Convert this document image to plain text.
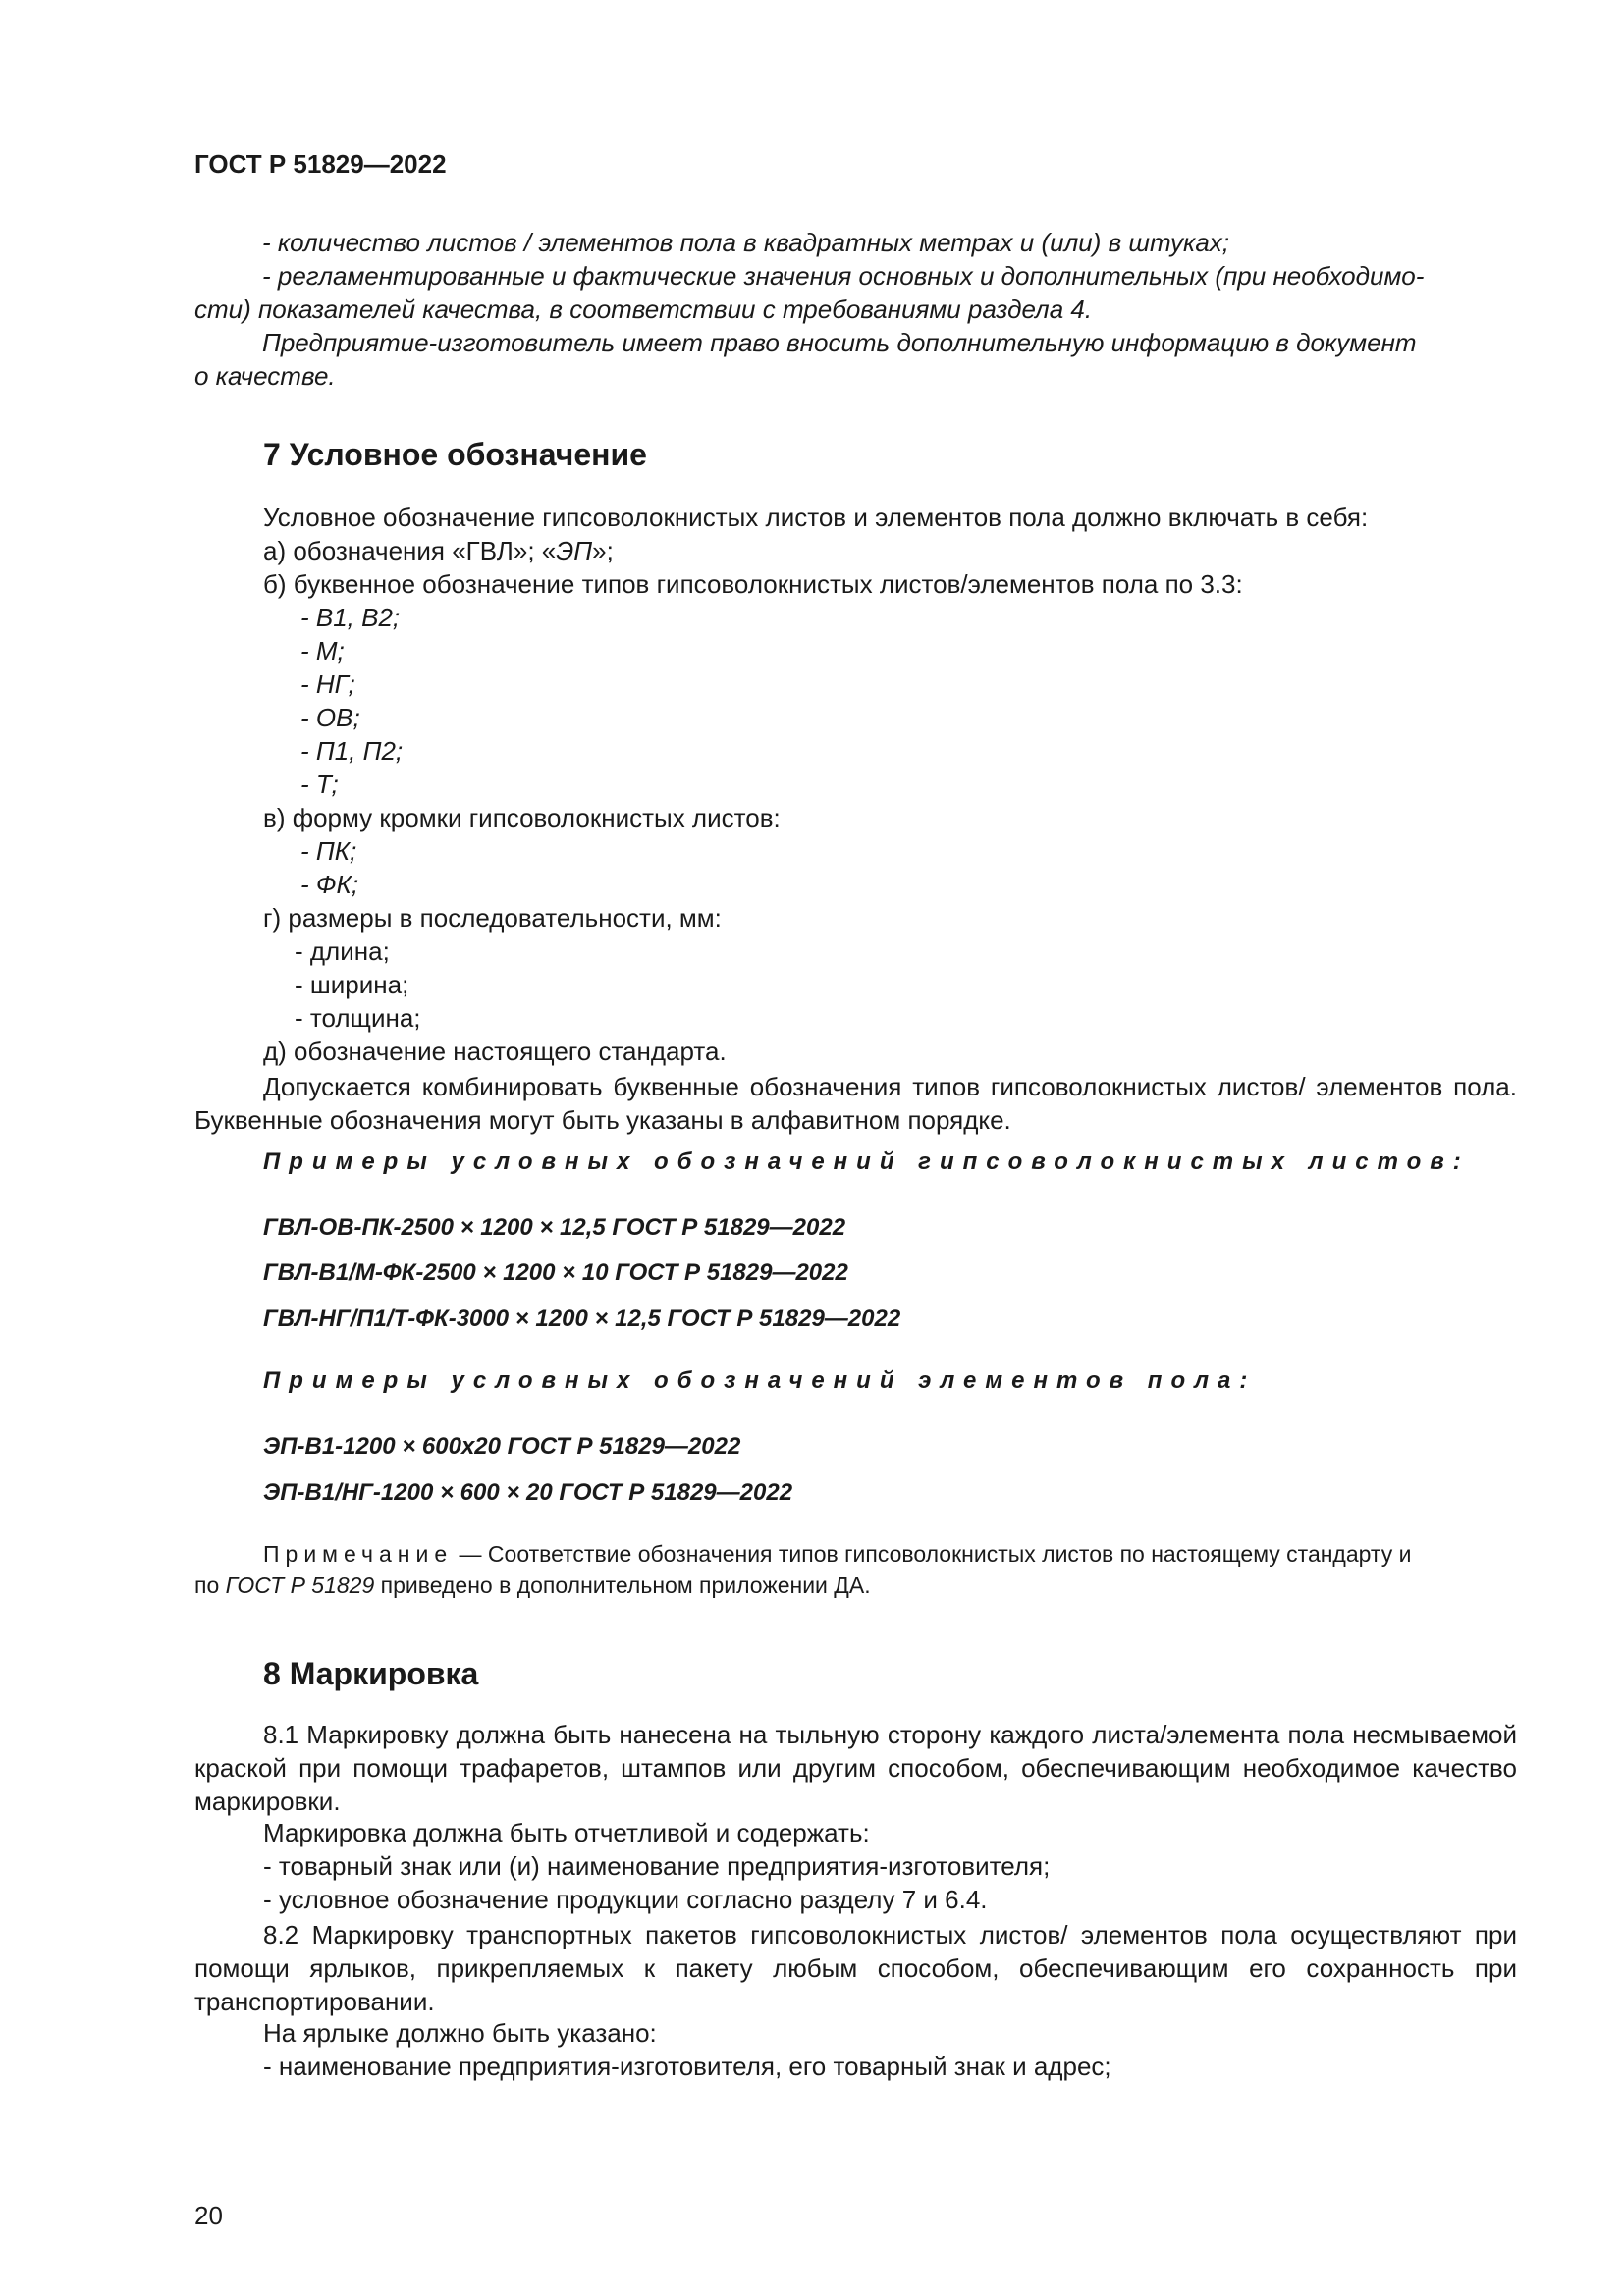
ГОСТ Р 51829—2022
- количество листов / элементов пола в квадратных метрах и (или) в штуках;
- регламентированные и фактические значения основных и дополнительных (при необходимо-
сти) показателей качества, в соответствии с требованиями раздела 4.
Предприятие-изготовитель имеет право вносить дополнительную информацию в документ
о качестве.
7 Условное обозначение
Условное обозначение гипсоволокнистых листов и элементов пола должно включать в себя:
а) обозначения «ГВЛ»; «ЭП»;
б) буквенное обозначение типов гипсоволокнистых листов/элементов пола по 3.3:
- В1, В2;
- М;
- НГ;
- ОВ;
- П1, П2;
- Т;
в) форму кромки гипсоволокнистых листов:
- ПК;
- ФК;
г) размеры в последовательности, мм:
- длина;
- ширина;
- толщина;
д) обозначение настоящего стандарта.
Допускается комбинировать буквенные обозначения типов гипсоволокнистых листов/ элементов пола. Буквенные обозначения могут быть указаны в алфавитном порядке.
Примеры условных обозначений гипсоволокнистых листов:
ГВЛ-ОВ-ПК-2500 × 1200 × 12,5 ГОСТ Р 51829—2022
ГВЛ-В1/М-ФК-2500 × 1200 × 10 ГОСТ Р 51829—2022
ГВЛ-НГ/П1/Т-ФК-3000 × 1200 × 12,5 ГОСТ Р 51829—2022
Примеры условных обозначений элементов пола:
ЭП-В1-1200 × 600х20 ГОСТ Р 51829—2022
ЭП-В1/НГ-1200 × 600 × 20 ГОСТ Р 51829—2022
Примечание — Соответствие обозначения типов гипсоволокнистых листов по настоящему стандарту и
по ГОСТ Р 51829 приведено в дополнительном приложении ДА.
8 Маркировка
8.1 Маркировку должна быть нанесена на тыльную сторону каждого листа/элемента пола несмываемой краской при помощи трафаретов, штампов или другим способом, обеспечивающим необходимое качество маркировки.
Маркировка должна быть отчетливой и содержать:
- товарный знак или (и) наименование предприятия-изготовителя;
- условное обозначение продукции согласно разделу 7 и 6.4.
8.2 Маркировку транспортных пакетов гипсоволокнистых листов/ элементов пола осуществляют при помощи ярлыков, прикрепляемых к пакету любым способом, обеспечивающим его сохранность при транспортировании.
На ярлыке должно быть указано:
- наименование предприятия-изготовителя, его товарный знак и адрес;
20
